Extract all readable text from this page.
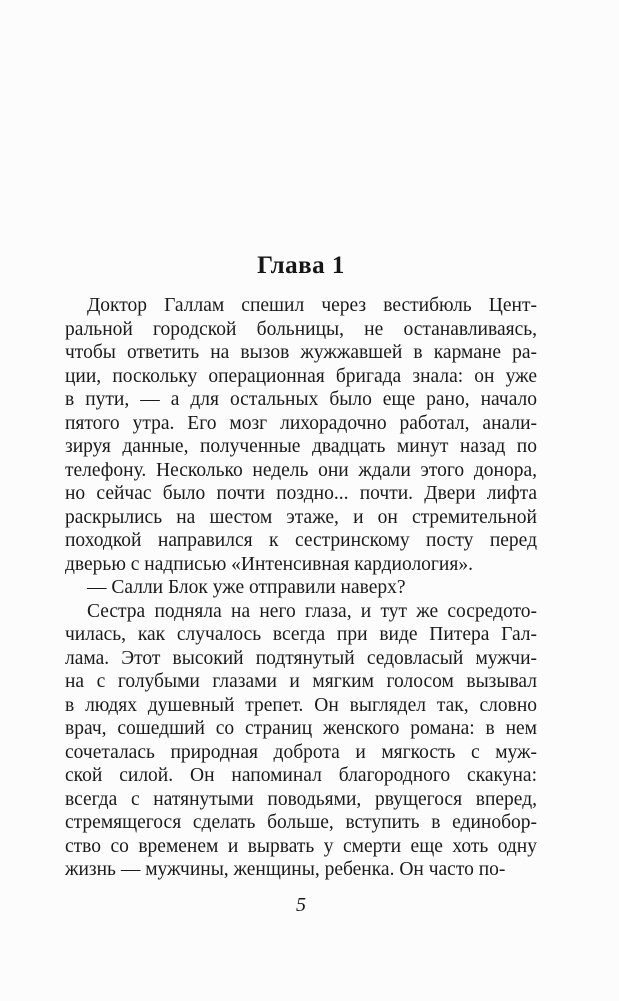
Глава 1
Доктор Галлам спешил через вестибюль Цент-
ральной городской больницы, не останавливаясь,
чтобы ответить на вызов жужжавшей в кармане ра-
ции, поскольку операционная бригада знала: он уже
в пути, — а для остальных было еще рано, начало
пятого утра. Его мозг лихорадочно работал, анали-
зируя данные, полученные двадцать минут назад по
телефону. Несколько недель они ждали этого донора,
но сейчас было почти поздно... почти. Двери лифта
раскрылись на шестом этаже, и он стремительной
походкой направился к сестринскому посту перед
дверью с надписью «Интенсивная кардиология».
— Салли Блок уже отправили наверх?
Сестра подняла на него глаза, и тут же сосредото-
чилась, как случалось всегда при виде Питера Гал-
лама. Этот высокий подтянутый седовласый мужчи-
на с голубыми глазами и мягким голосом вызывал
в людях душевный трепет. Он выглядел так, словно
врач, сошедший со страниц женского романа: в нем
сочеталась природная доброта и мягкость с муж-
ской силой. Он напоминал благородного скакуна:
всегда с натянутыми поводьями, рвущегося вперед,
стремящегося сделать больше, вступить в единобор-
ство со временем и вырвать у смерти еще хоть одну
жизнь — мужчины, женщины, ребенка. Он часто по-
5
